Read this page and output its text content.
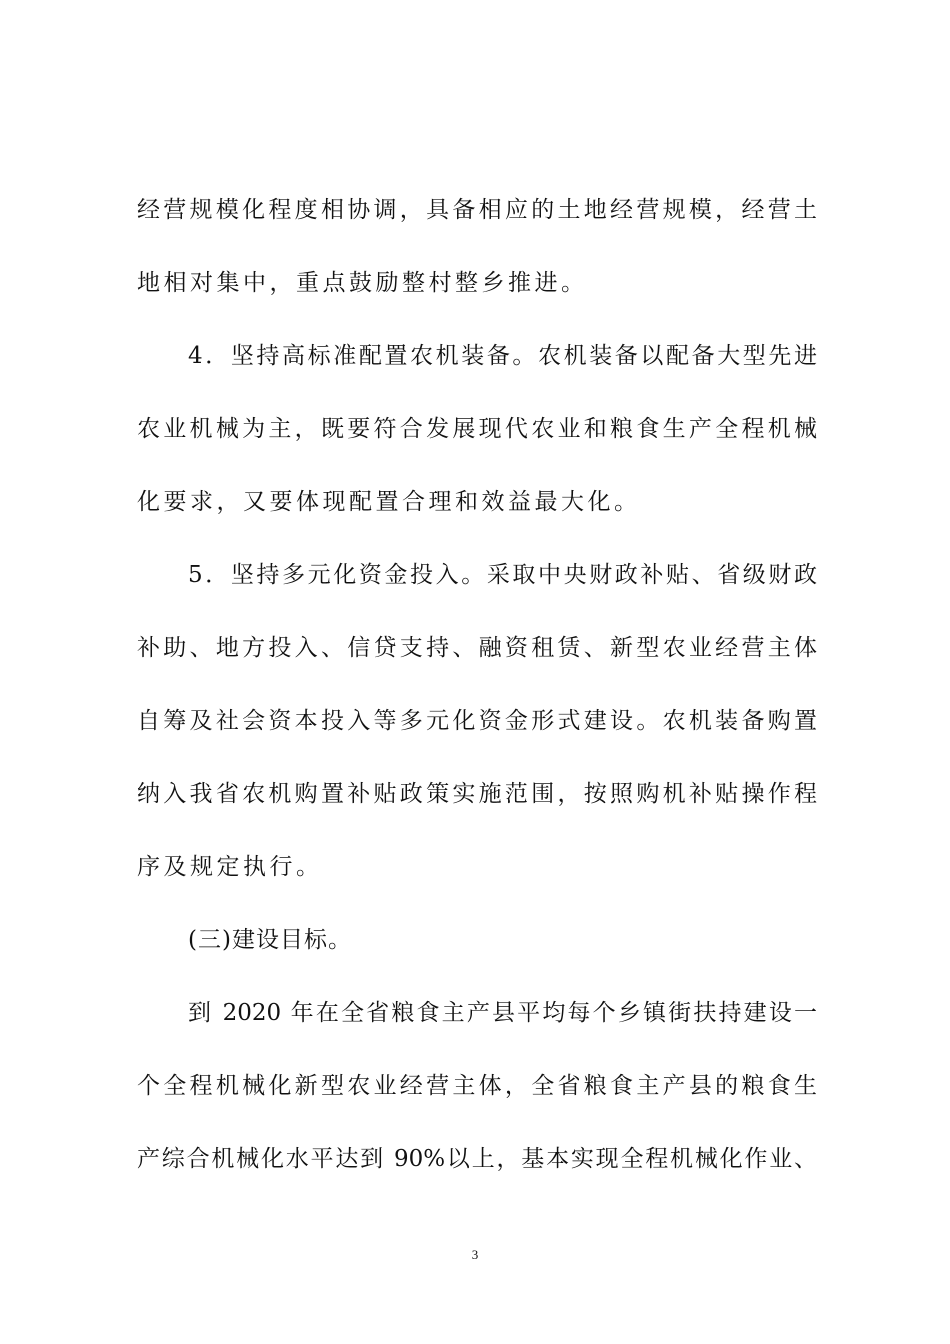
经营规模化程度相协调，具备相应的土地经营规模，经营土
地相对集中，重点鼓励整村整乡推进。
4．坚持高标准配置农机装备。农机装备以配备大型先进
农业机械为主，既要符合发展现代农业和粮食生产全程机械
化要求，又要体现配置合理和效益最大化。
5．坚持多元化资金投入。采取中央财政补贴、省级财政
补助、地方投入、信贷支持、融资租赁、新型农业经营主体
自筹及社会资本投入等多元化资金形式建设。农机装备购置
纳入我省农机购置补贴政策实施范围，按照购机补贴操作程
序及规定执行。
(三)建设目标。
到 2020 年在全省粮食主产县平均每个乡镇街扶持建设一
个全程机械化新型农业经营主体，全省粮食主产县的粮食生
产综合机械化水平达到 90%以上，基本实现全程机械化作业、
3
